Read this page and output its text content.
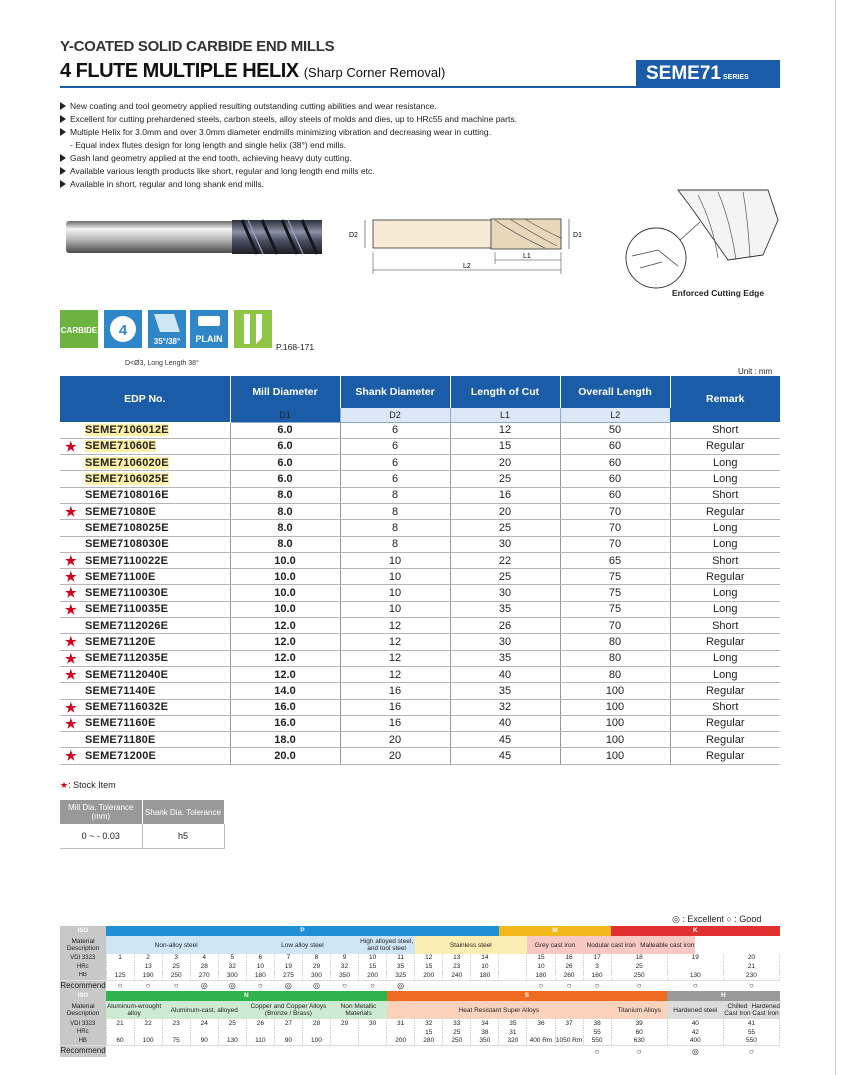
Y-COATED SOLID CARBIDE END MILLS
4 FLUTE MULTIPLE HELIX (Sharp Corner Removal)	SEME71 SERIES
New coating and tool geometry applied resulting outstanding cutting abilities and wear resistance.
Excellent for cutting prehardened steels, carbon steels, alloy steels of molds and dies, up to HRc55 and machine parts.
Multiple Helix for 3.0mm and over 3.0mm diameter endmills minimizing vibration and decreasing wear in cutting.
- Equal index flutes design for long length and single helix (38°) end mills.
Gash land geometry applied at the end tooth, achieving heavy duty cutting.
Available various length products like short, regular and long length end mills etc.
Available in short, regular and long shank end mills.
D2	D1
L1
L2
Enforced Cutting Edge
CARBIDE 4
35°/38° PLAIN
P.168-171
D<Ø3, Long Length 38°
Unit : mm
EDP No.	Mill Diameter	Shank Diameter	Length of Cut	Overall Length	Remark
	D1	D2	L1	L2	
SEME7106012E	6.0	6	12	50	Short

★ SEME71060E	6.0	6	15	60	Regular
SEME7106020E	6.0	6	20	60	Long
SEME7106025E	6.0	6	25	60	Long
SEME7108016E	8.0	8	16	60	Short

★ SEME71080E	8.0	8	20	70	Regular
SEME7108025E	8.0	8	25	70	Long
SEME7108030E	8.0	8	30	70	Long

★ SEME7110022E	10.0	10	22	65	Short

★ SEME71100E	10.0	10	25	75	Regular

★ SEME7110030E	10.0	10	30	75	Long

★ SEME7110035E	10.0	10	35	75	Long
SEME7112026E	12.0	12	26	70	Short

★ SEME71120E	12.0	12	30	80	Regular

★ SEME7112035E	12.0	12	35	80	Long

★ SEME7112040E	12.0	12	40	80	Long
SEME71140E	14.0	16	35	100	Regular

★ SEME7116032E	16.0	16	32	100	Short

★ SEME71160E	16.0	16	40	100	Regular
SEME71180E	18.0	20	45	100	Regular

★ SEME71200E	20.0	20	45	100	Regular
★: Stock Item
Mill Dia. Tolerance (mm)	Shank Dia. Tolerance
0 ~ - 0.03	h5
◎ : Excellent ○ : Good
ISO	P														M				K				
Material Description	Non-alloy steel					Low alloy steel				High alloyed steel, and tool steel		Stainless steel				Grey cast iron		Nodular cast iron		Malleable cast iron			
VDI 3323	1	2	3	4	5	6	7	8	9	10	11	12	13	14		15	16	17	18		19	20	
HRc		13	25	28	32	10	19	29	32	15	35	15	23	10		10	26	3	25			21	
HB	125	190	250	270	300	180	275	300	350	200	325	200	240	180		180	260	160	250		130	230	
Recommend	○	○	○	◎	◎	○	◎	◎	○	○	◎					○	○	○	○		○	○	
ISO	N										S										H		
Material Description	Aluminum-wrought alloy		Aluminum-cast, alloyed			Copper and Copper Alloys (Bronze / Brass)			Non Metallic Materials		Heat Resistant Super Alloys								Titanium Alloys		Hardened steel	Chilled Cast Iron	Hardened Cast Iron
VDI 3323	21	22	23	24	25	26	27	28	29	30	31	32	33	34	35	36	37	38	39		40	41	
HRc												15	25	38	31			55	60		42	55	
HB	60	100	75	90	130	110	90	100			200	280	250	350	320	400 Rm	1050 Rm	550	630		400	550	
Recommend																		○	○		◎	○	
